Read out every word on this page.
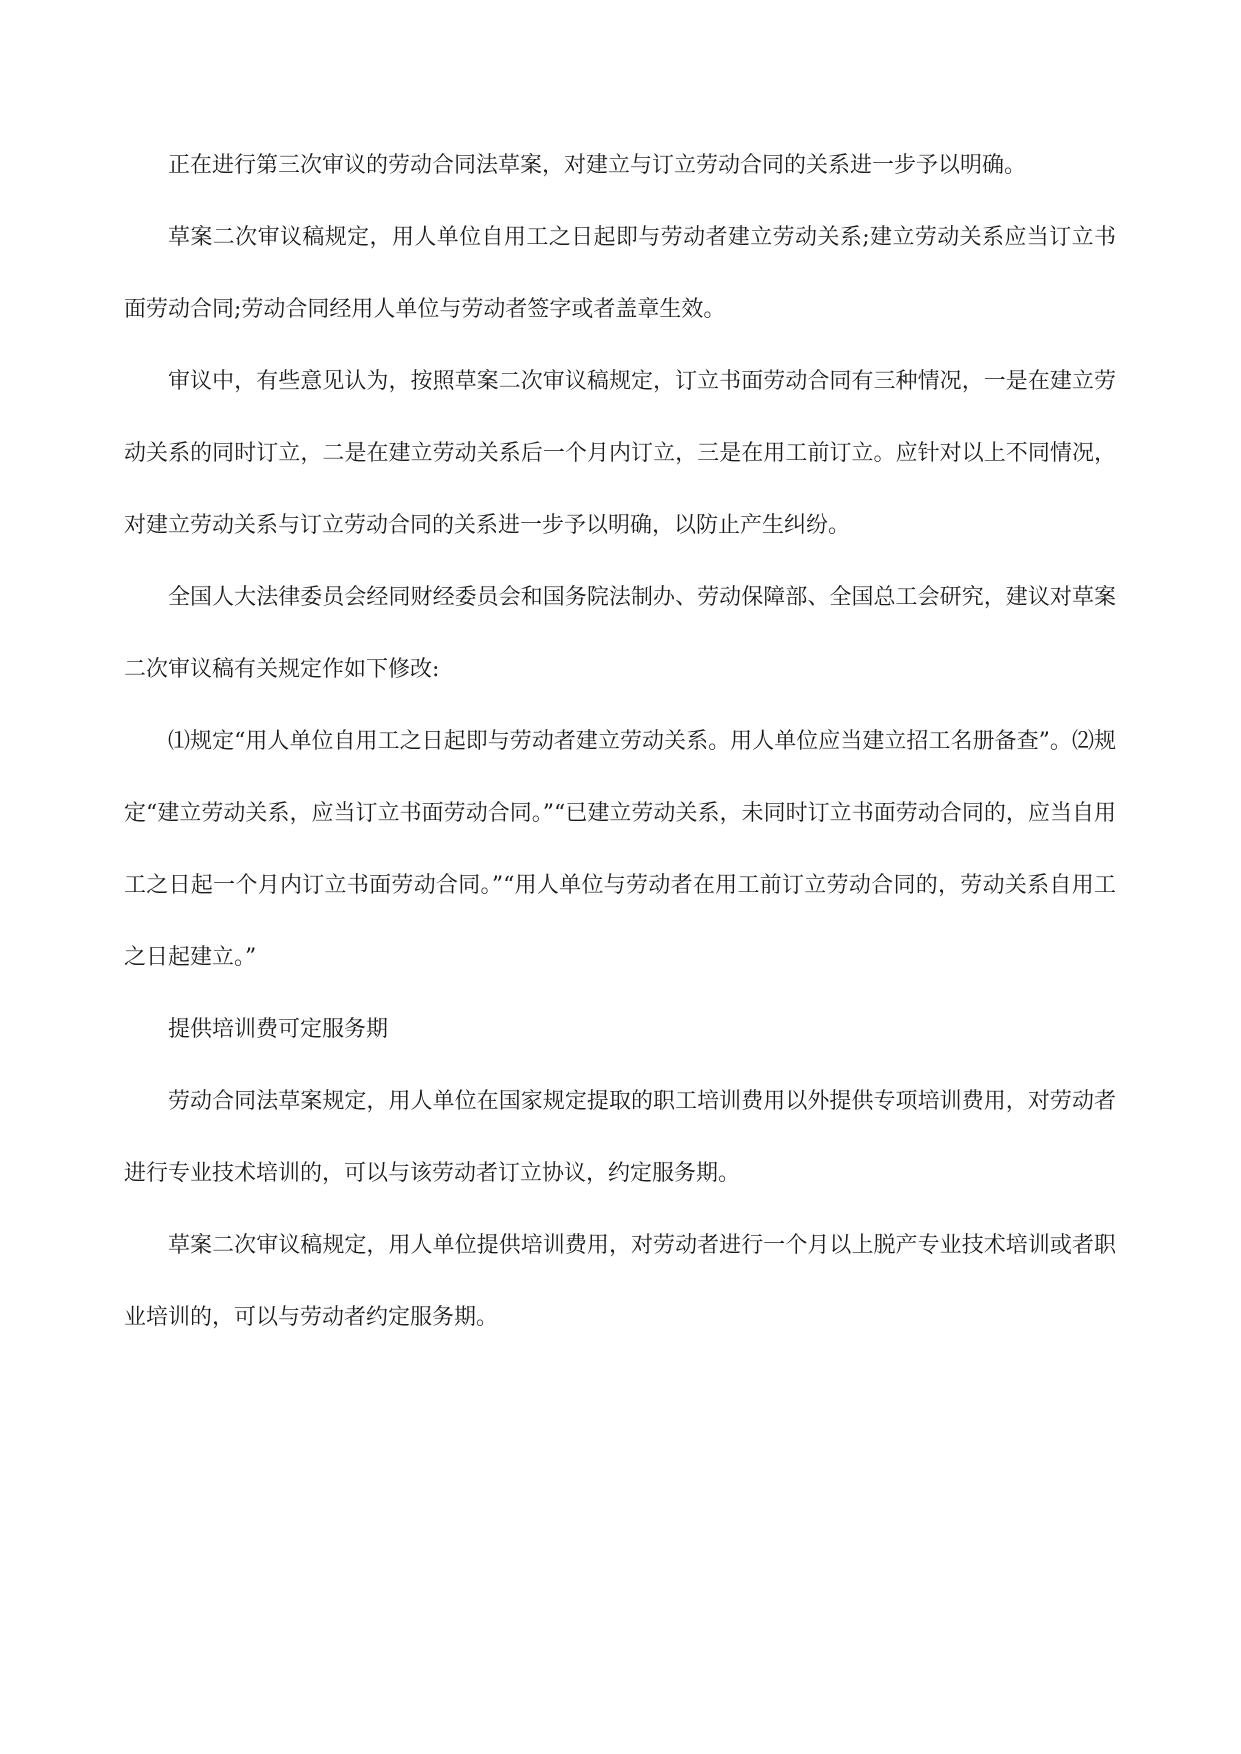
正在进行第三次审议的劳动合同法草案，对建立与订立劳动合同的关系进一步予以明确。

草案二次审议稿规定，用人单位自用工之日起即与劳动者建立劳动关系;建立劳动关系应当订立书面劳动合同;劳动合同经用人单位与劳动者签字或者盖章生效。

审议中，有些意见认为，按照草案二次审议稿规定，订立书面劳动合同有三种情况，一是在建立劳动关系的同时订立，二是在建立劳动关系后一个月内订立，三是在用工前订立。应针对以上不同情况，对建立劳动关系与订立劳动合同的关系进一步予以明确，以防止产生纠纷。

全国人大法律委员会经同财经委员会和国务院法制办、劳动保障部、全国总工会研究，建议对草案二次审议稿有关规定作如下修改:

⑴规定“用人单位自用工之日起即与劳动者建立劳动关系。用人单位应当建立招工名册备查”。⑵规定“建立劳动关系，应当订立书面劳动合同。”“已建立劳动关系，未同时订立书面劳动合同的，应当自用工之日起一个月内订立书面劳动合同。”“用人单位与劳动者在用工前订立劳动合同的，劳动关系自用工之日起建立。”

提供培训费可定服务期

劳动合同法草案规定，用人单位在国家规定提取的职工培训费用以外提供专项培训费用，对劳动者进行专业技术培训的，可以与该劳动者订立协议，约定服务期。

草案二次审议稿规定，用人单位提供培训费用，对劳动者进行一个月以上脱产专业技术培训或者职业培训的，可以与劳动者约定服务期。
